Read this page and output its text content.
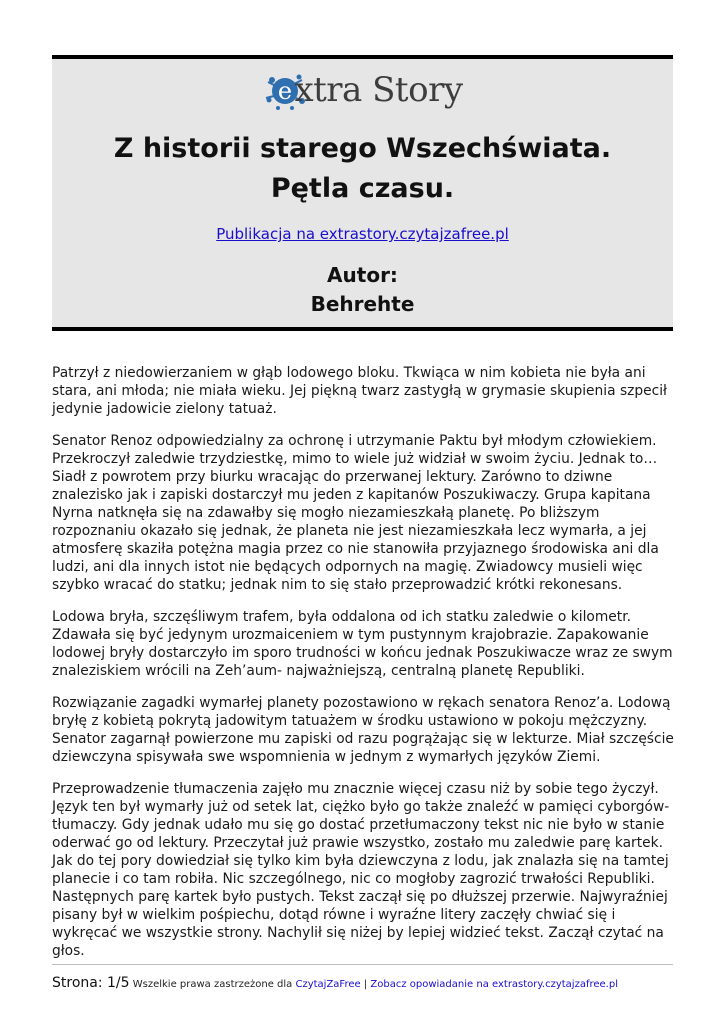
e xtra Story
Z historii starego Wszechświata.
Pętla czasu.
Publikacja na extrastory.czytajzafree.pl
Autor:
Behrehte

Patrzył z niedowierzaniem w głąb lodowego bloku. Tkwiąca w nim kobieta nie była ani stara, ani młoda; nie miała wieku. Jej piękną twarz zastygłą w grymasie skupienia szpecił jedynie jadowicie zielony tatuaż.

Senator Renoz odpowiedzialny za ochronę i utrzymanie Paktu był młodym człowiekiem. Przekroczył zaledwie trzydziestkę, mimo to wiele już widział w swoim życiu. Jednak to… Siadł z powrotem przy biurku wracając do przerwanej lektury. Zarówno to dziwne znalezisko jak i zapiski dostarczył mu jeden z kapitanów Poszukiwaczy. Grupa kapitana Nyrna natknęła się na zdawałby się mogło niezamieszkałą planetę. Po bliższym rozpoznaniu okazało się jednak, że planeta nie jest niezamieszkała lecz wymarła, a jej atmosferę skaziła potężna magia przez co nie stanowiła przyjaznego środowiska ani dla ludzi, ani dla innych istot nie będących odpornych na magię. Zwiadowcy musieli więc szybko wracać do statku; jednak nim to się stało przeprowadzić krótki rekonesans.

Lodowa bryła, szczęśliwym trafem, była oddalona od ich statku zaledwie o kilometr. Zdawała się być jedynym urozmaiceniem w tym pustynnym krajobrazie. Zapakowanie lodowej bryły dostarczyło im sporo trudności w końcu jednak Poszukiwacze wraz ze swym znaleziskiem wrócili na Zeh’aum- najważniejszą, centralną planetę Republiki.

Rozwiązanie zagadki wymarłej planety pozostawiono w rękach senatora Renoz’a. Lodową bryłę z kobietą pokrytą jadowitym tatuażem w środku ustawiono w pokoju mężczyzny. Senator zagarnął powierzone mu zapiski od razu pogrążając się w lekturze. Miał szczęście dziewczyna spisywała swe wspomnienia w jednym z wymarłych języków Ziemi.

Przeprowadzenie tłumaczenia zajęło mu znacznie więcej czasu niż by sobie tego życzył. Język ten był wymarły już od setek lat, ciężko było go także znaleźć w pamięci cyborgów-tłumaczy. Gdy jednak udało mu się go dostać przetłumaczony tekst nic nie było w stanie oderwać go od lektury. Przeczytał już prawie wszystko, zostało mu zaledwie parę kartek. Jak do tej pory dowiedział się tylko kim była dziewczyna z lodu, jak znalazła się na tamtej planecie i co tam robiła. Nic szczególnego, nic co mogłoby zagrozić trwałości Republiki. Następnych parę kartek było pustych. Tekst zaczął się po dłuższej przerwie. Najwyraźniej pisany był w wielkim pośpiechu, dotąd równe i wyraźne litery zaczęły chwiać się i wykręcać we wszystkie strony. Nachylił się niżej by lepiej widzieć tekst. Zaczął czytać na głos.

Strona: 1/5 Wszelkie prawa zastrzeżone dla CzytajZaFree | Zobacz opowiadanie na extrastory.czytajzafree.pl
